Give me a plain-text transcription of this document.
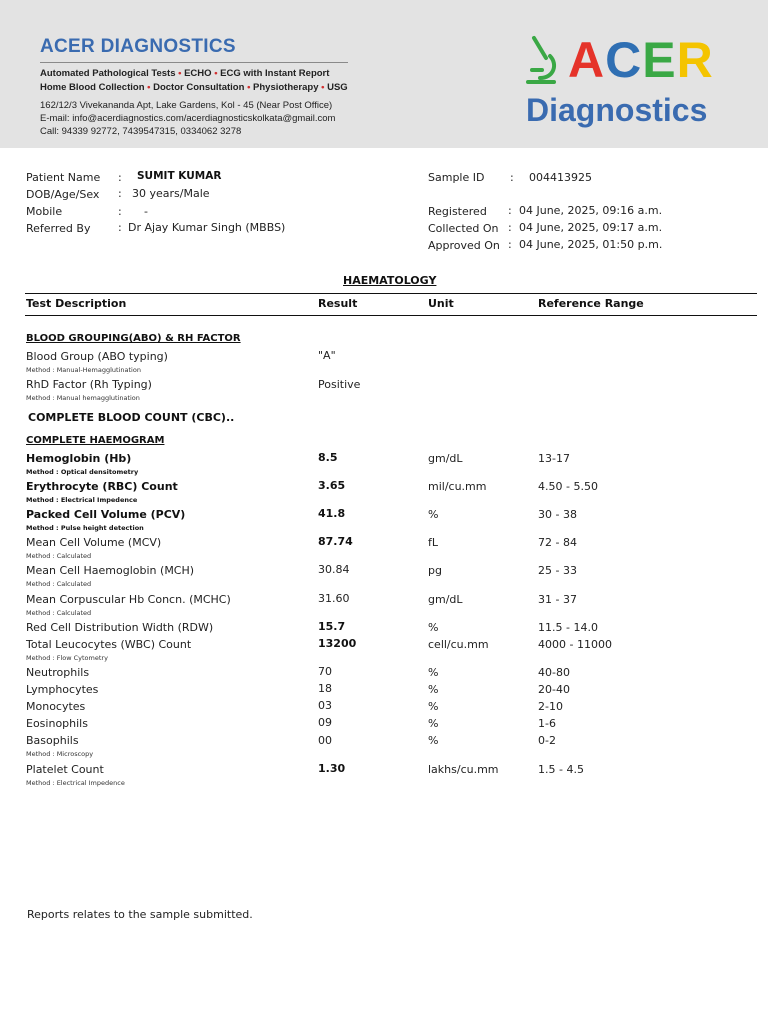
ACER DIAGNOSTICS
Automated Pathological Tests • ECHO • ECG with Instant Report
Home Blood Collection • Doctor Consultation • Physiotherapy • USG
162/12/3 Vivekananda Apt, Lake Gardens, Kol - 45 (Near Post Office)
E-mail: info@acerdiagnostics.com/acerdiagnosticskolkata@gmail.com
Call: 94339 92772, 7439547315, 0334062 3278
ACER
Diagnostics
Patient Name : SUMIT KUMAR
DOB/Age/Sex : 30 years/Male
Mobile	: -
Referred By	: Dr Ajay Kumar Singh (MBBS)
Sample ID : 004413925
Registered : 04 June, 2025, 09:16 a.m.
Collected On : 04 June, 2025, 09:17 a.m.
Approved On : 04 June, 2025, 01:50 p.m.
HAEMATOLOGY
Test Description	Result	Unit	Reference Range
BLOOD GROUPING(ABO) & RH FACTOR
Blood Group (ABO typing)	"A"
Method : Manual-Hemagglutination
RhD Factor (Rh Typing)	Positive
Method : Manual hemagglutination
COMPLETE BLOOD COUNT (CBC)..
COMPLETE HAEMOGRAM
Hemoglobin (Hb)	8.5	gm/dL	13-17
Method : Optical densitometry
Erythrocyte (RBC) Count	3.65	mil/cu.mm	4.50 - 5.50
Method : Electrical Impedence
Packed Cell Volume (PCV)	41.8	%	30 - 38
Method : Pulse height detection
Mean Cell Volume (MCV)	87.74	fL	72 - 84
Method : Calculated
Mean Cell Haemoglobin (MCH)	30.84	pg	25 - 33
Method : Calculated
Mean Corpuscular Hb Concn. (MCHC)	31.60	gm/dL	31 - 37
Method : Calculated
Red Cell Distribution Width (RDW)	15.7	%	11.5 - 14.0
Total Leucocytes (WBC) Count	13200	cell/cu.mm	4000 - 11000
Method : Flow Cytometry
Neutrophils	70	%	40-80
Lymphocytes	18	%	20-40
Monocytes	03	%	2-10
Eosinophils	09	%	1-6
Basophils	00	%	0-2
Method : Microscopy
Platelet Count	1.30	lakhs/cu.mm	1.5 - 4.5
Method : Electrical Impedence
Reports relates to the sample submitted.
